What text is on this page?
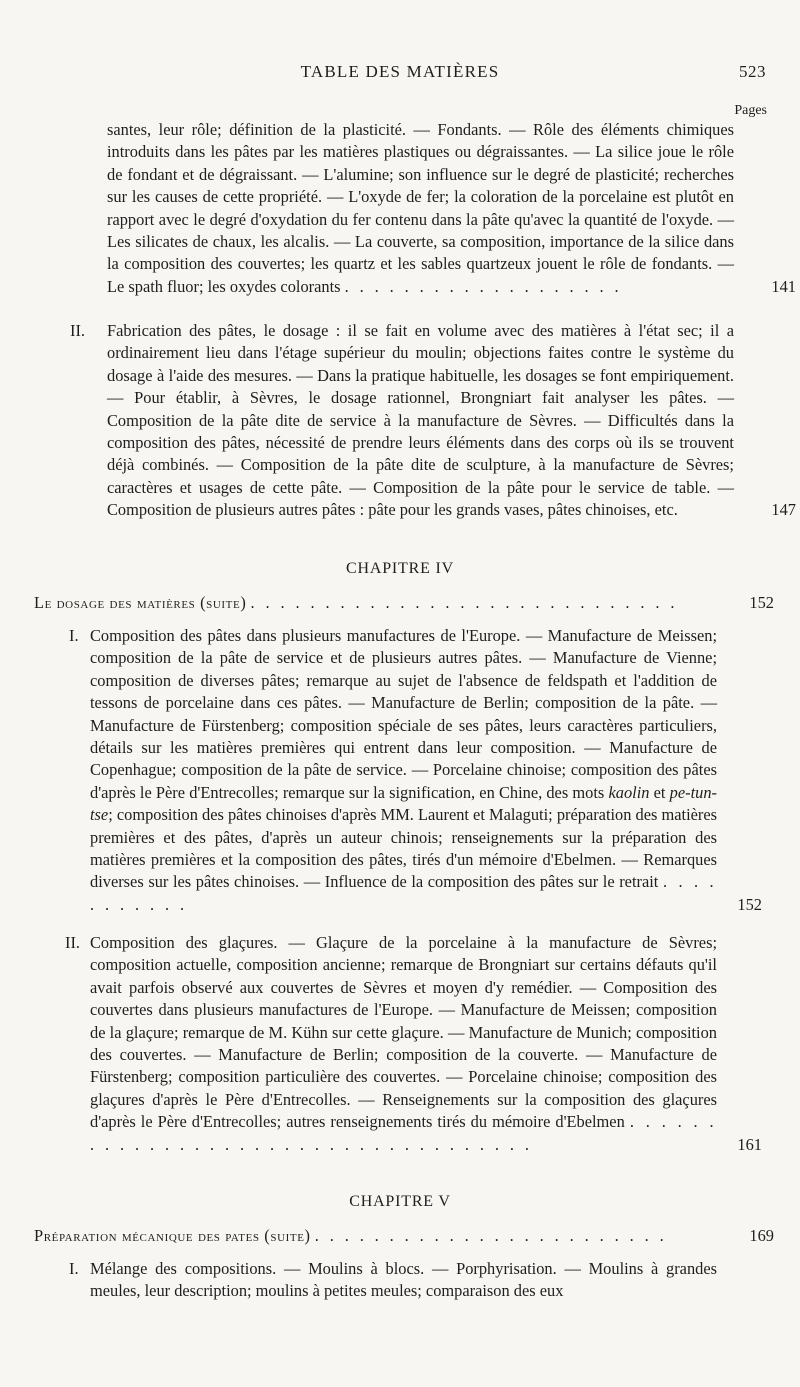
TABLE DES MATIÈRES	523
Pages
santes, leur rôle; définition de la plasticité. — Fondants. — Rôle des éléments chimiques introduits dans les pâtes par les matières plastiques ou dégraissantes. — La silice joue le rôle de fondant et de dégraissant. — L'alumine; son influence sur le degré de plasticité; recherches sur les causes de cette propriété. — L'oxyde de fer; la coloration de la porcelaine est plutôt en rapport avec le degré d'oxydation du fer contenu dans la pâte qu'avec la quantité de l'oxyde. — Les silicates de chaux, les alcalis. — La couverte, sa composition, importance de la silice dans la composition des couvertes; les quartz et les sables quartzeux jouent le rôle de fondants. — Le spath fluor; les oxydes colorants . . . . . . . . . . . . . . . . . . .	141
II. Fabrication des pâtes, le dosage : il se fait en volume avec des matières à l'état sec; il a ordinairement lieu dans l'étage supérieur du moulin; objections faites contre le système du dosage à l'aide des mesures. — Dans la pratique habituelle, les dosages se font empiriquement. — Pour établir, à Sèvres, le dosage rationnel, Brongniart fait analyser les pâtes. — Composition de la pâte dite de service à la manufacture de Sèvres. — Difficultés dans la composition des pâtes, nécessité de prendre leurs éléments dans des corps où ils se trouvent déjà combinés. — Composition de la pâte dite de sculpture, à la manufacture de Sèvres; caractères et usages de cette pâte. — Composition de la pâte pour le service de table. — Composition de plusieurs autres pâtes : pâte pour les grands vases, pâtes chinoises, etc.	147
CHAPITRE IV
Le dosage des matières (suite) . . . . . . . . . . . . . . . . . . . . . . . . . . . . .	152
I. Composition des pâtes dans plusieurs manufactures de l'Europe. — Manufacture de Meissen; composition de la pâte de service et de plusieurs autres pâtes. — Manufacture de Vienne; composition de diverses pâtes; remarque au sujet de l'absence de feldspath et l'addition de tessons de porcelaine dans ces pâtes. — Manufacture de Berlin; composition de la pâte. — Manufacture de Fürstenberg; composition spéciale de ses pâtes, leurs caractères particuliers, détails sur les matières premières qui entrent dans leur composition. — Manufacture de Copenhague; composition de la pâte de service. — Porcelaine chinoise; composition des pâtes d'après le Père d'Entrecolles; remarque sur la signification, en Chine, des mots kaolin et pe-tun-tse; composition des pâtes chinoises d'après MM. Laurent et Malaguti; préparation des matières premières et des pâtes, d'après un auteur chinois; renseignements sur la préparation des matières premières et la composition des pâtes, tirés d'un mémoire d'Ebelmen. — Remarques diverses sur les pâtes chinoises. — Influence de la composition des pâtes sur le retrait . . . . . . . . . . .	152
II. Composition des glaçures. — Glaçure de la porcelaine à la manufacture de Sèvres; composition actuelle, composition ancienne; remarque de Brongniart sur certains défauts qu'il avait parfois observé aux couvertes de Sèvres et moyen d'y remédier. — Composition des couvertes dans plusieurs manufactures de l'Europe. — Manufacture de Meissen; composition de la glaçure; remarque de M. Kühn sur cette glaçure. — Manufacture de Munich; composition des couvertes. — Manufacture de Berlin; composition de la couverte. — Manufacture de Fürstenberg; composition particulière des couvertes. — Porcelaine chinoise; composition des glaçures d'après le Père d'Entrecolles. — Renseignements sur la composition des glaçures d'après le Père d'Entrecolles; autres renseignements tirés du mémoire d'Ebelmen . . . . . . . . . . . . . . . . . . . . . . . . . . . . . . . . . . . .	161
CHAPITRE V
Préparation mécanique des pates (suite) . . . . . . . . . . . . . . . . . . . . . . . .	169
I. Mélange des compositions. — Moulins à blocs. — Porphyrisation. — Moulins à grandes meules, leur description; moulins à petites meules; comparaison des eux
